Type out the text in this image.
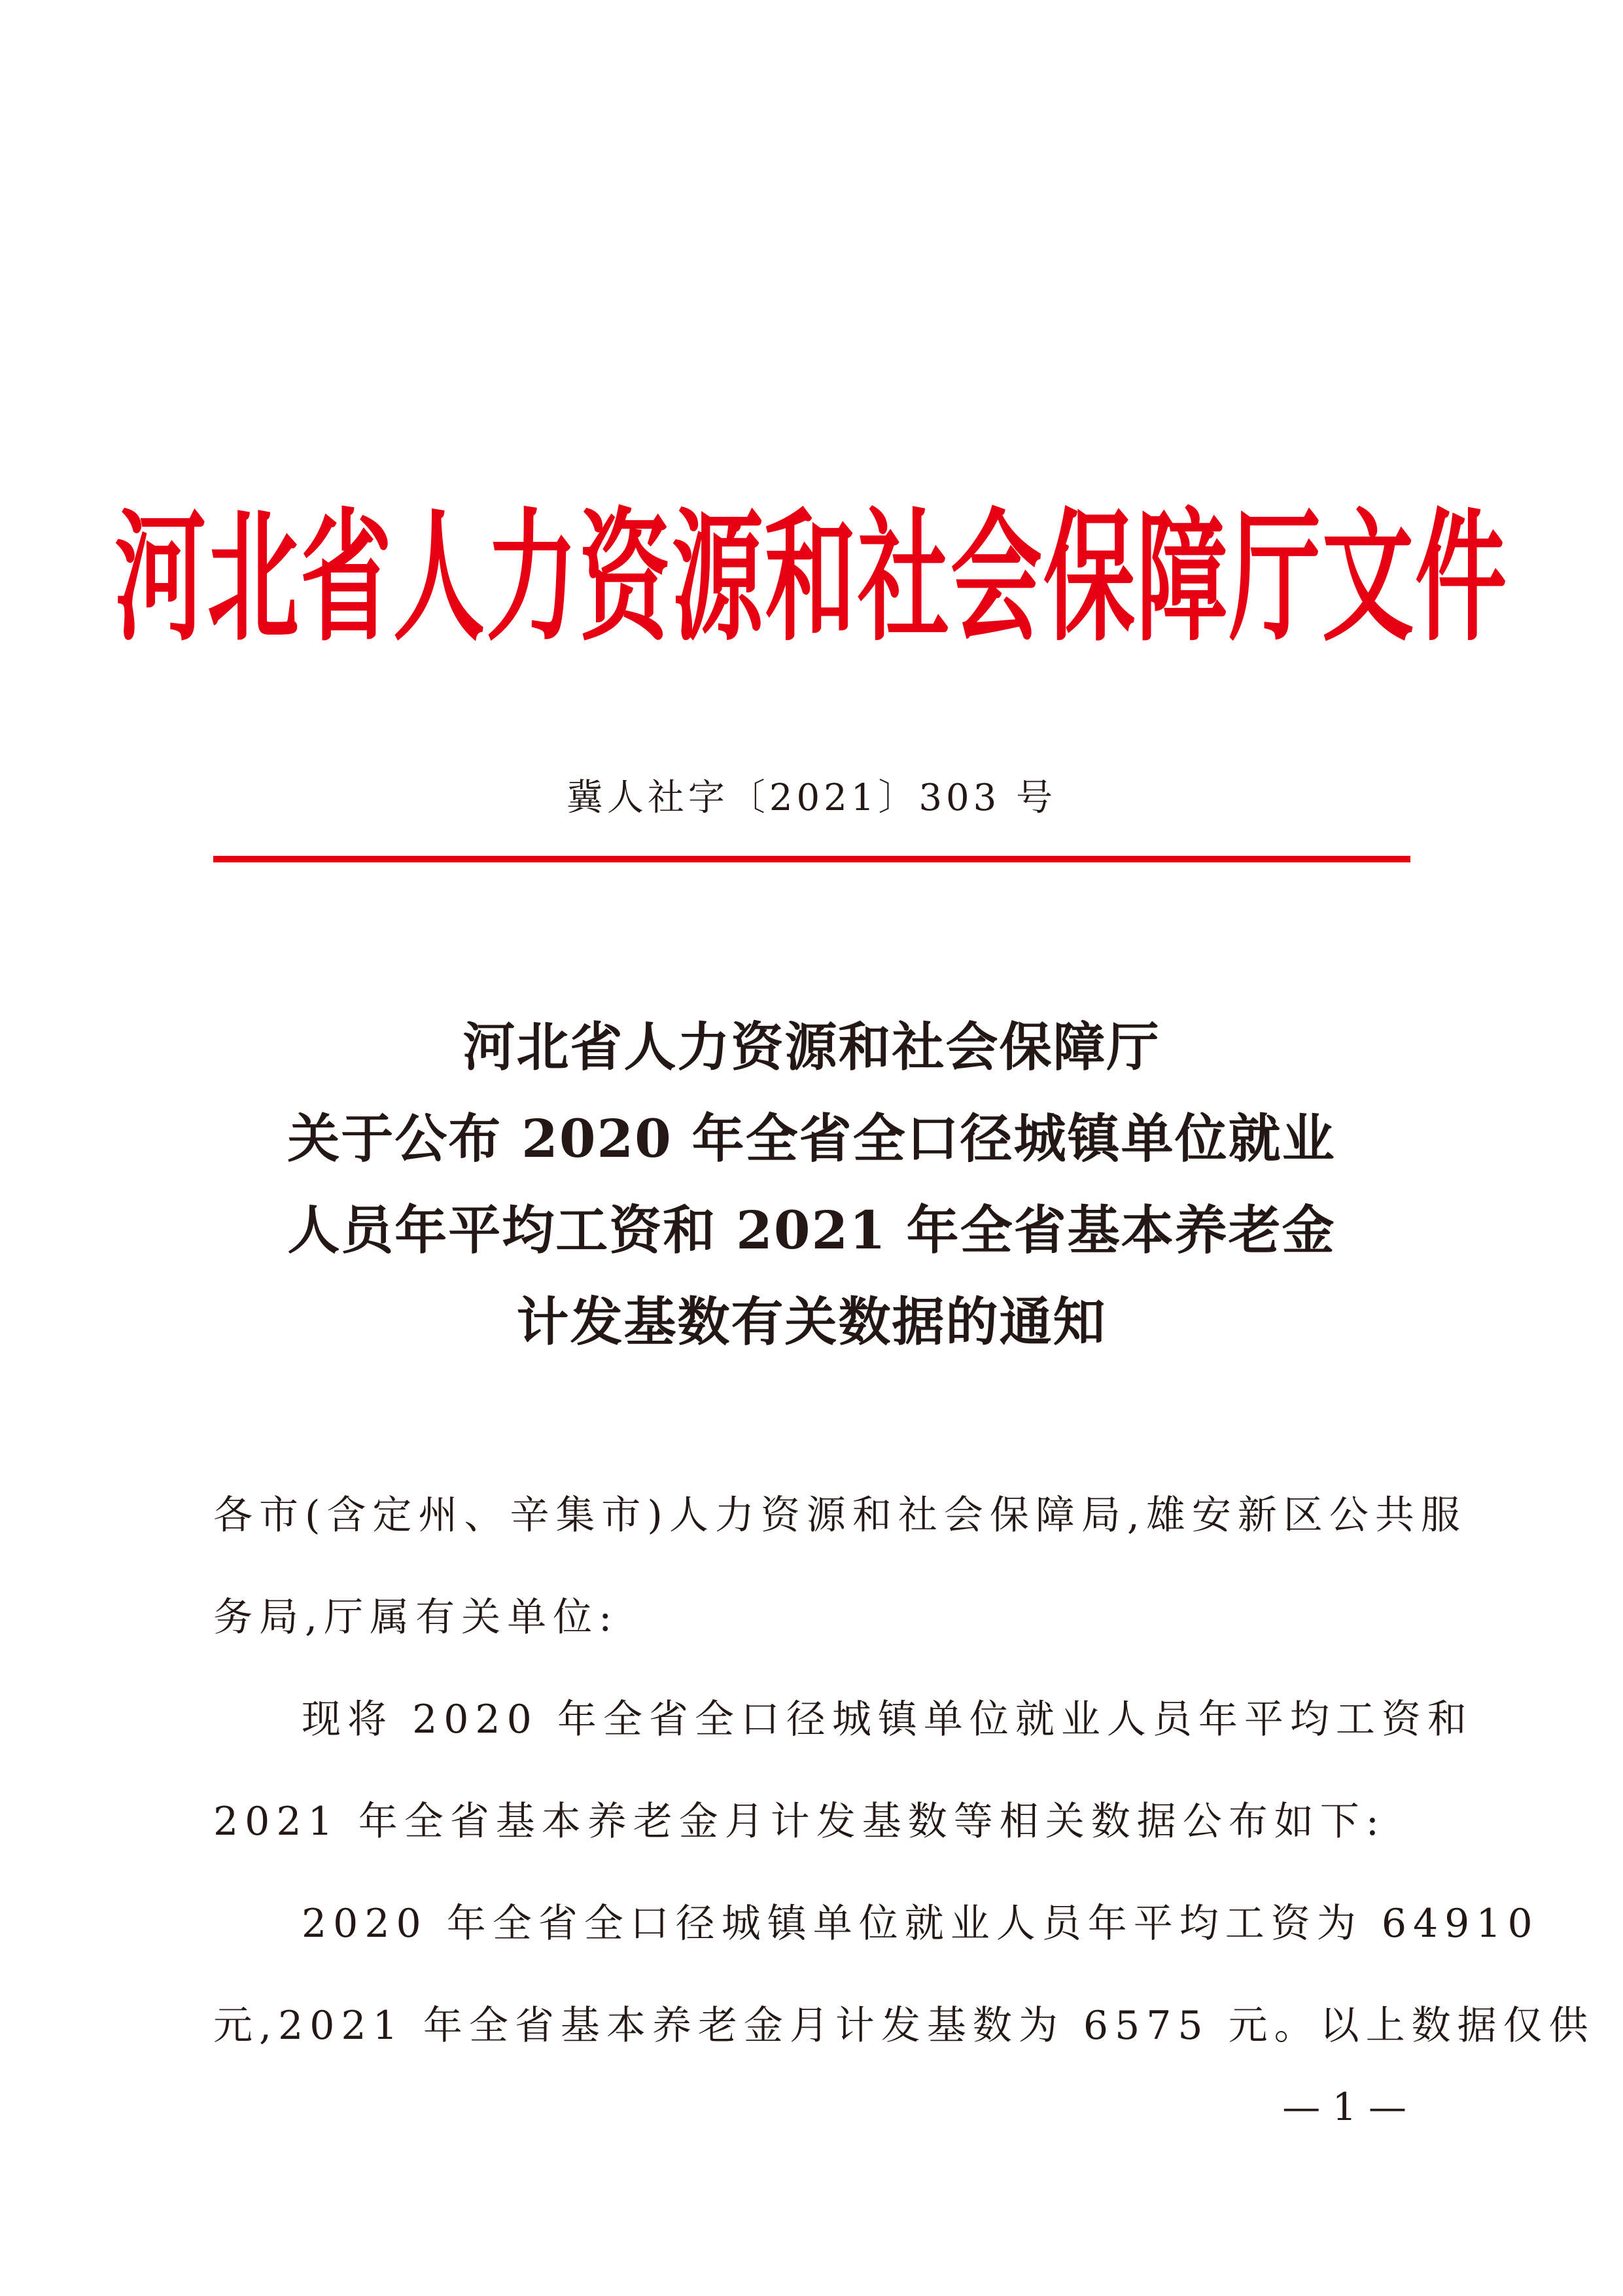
河北省人力资源和社会保障厅文件
冀人社字〔2021〕303 号
河北省人力资源和社会保障厅
关于公布 2020 年全省全口径城镇单位就业
人员年平均工资和 2021 年全省基本养老金
计发基数有关数据的通知
各市(含定州、辛集市)人力资源和社会保障局,雄安新区公共服
务局,厅属有关单位:
现将 2020 年全省全口径城镇单位就业人员年平均工资和
2021 年全省基本养老金月计发基数等相关数据公布如下:
2020 年全省全口径城镇单位就业人员年平均工资为 64910
元,2021 年全省基本养老金月计发基数为 6575 元。以上数据仅供
— 1 —
